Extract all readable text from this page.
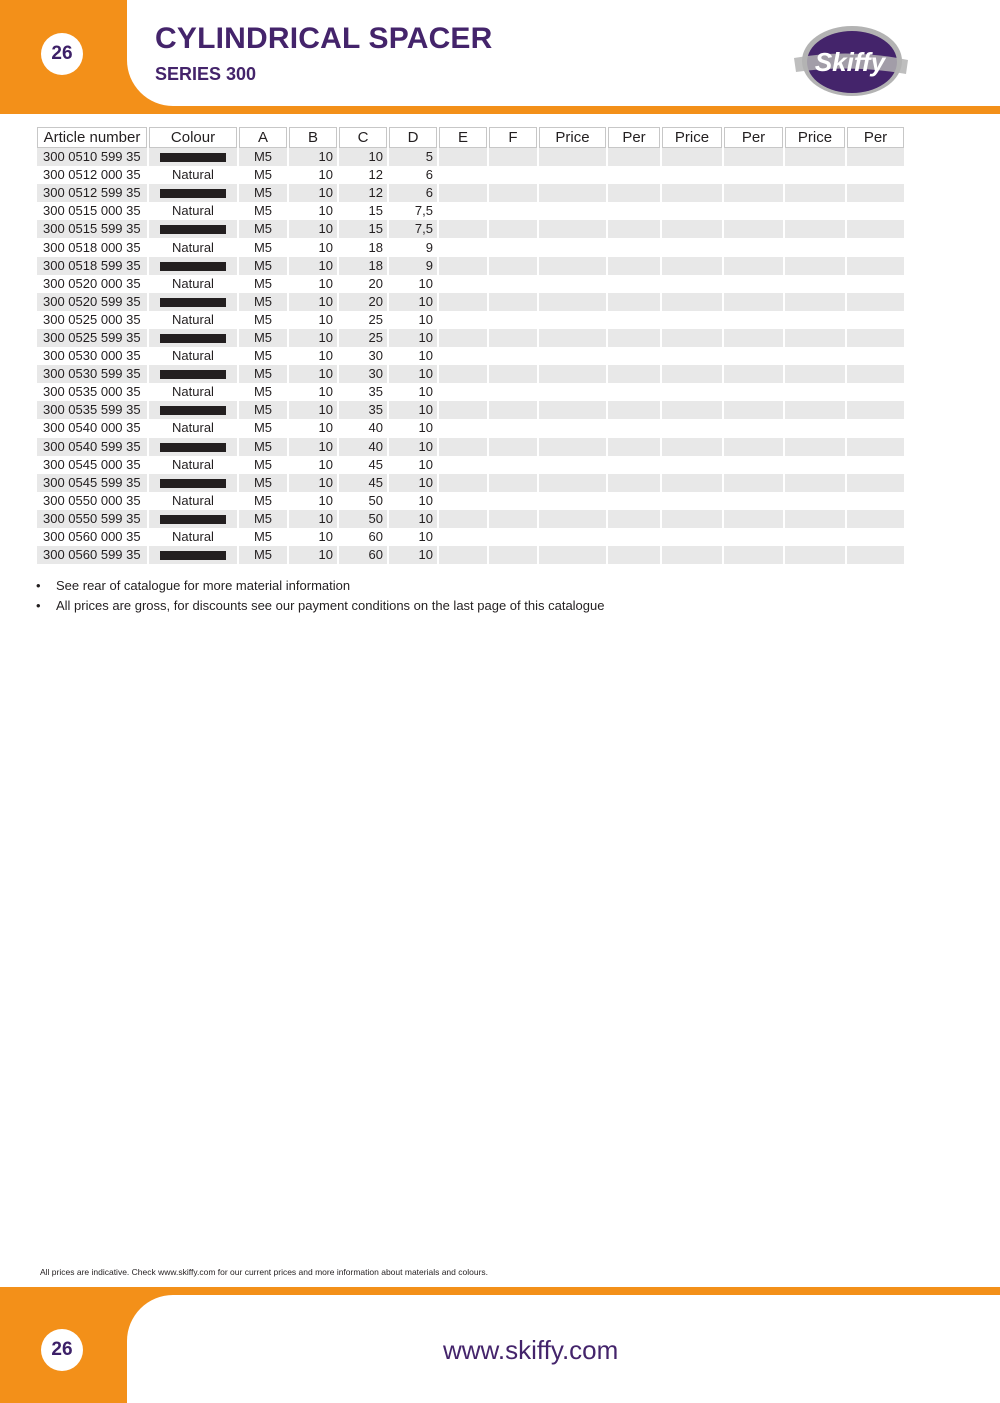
26	CYLINDRICAL SPACER
SERIES 300	Skiffy
Article number	Colour	A	B	C	D	E	F	Price	Per	Price	Per	Price	Per
300 0510 599 35		M5	10	10	5								
300 0512 000 35	Natural	M5	10	12	6								
300 0512 599 35		M5	10	12	6								
300 0515 000 35	Natural	M5	10	15	7,5								
300 0515 599 35		M5	10	15	7,5								
300 0518 000 35	Natural	M5	10	18	9								
300 0518 599 35		M5	10	18	9								
300 0520 000 35	Natural	M5	10	20	10								
300 0520 599 35		M5	10	20	10								
300 0525 000 35	Natural	M5	10	25	10								
300 0525 599 35		M5	10	25	10								
300 0530 000 35	Natural	M5	10	30	10								
300 0530 599 35		M5	10	30	10								
300 0535 000 35	Natural	M5	10	35	10								
300 0535 599 35		M5	10	35	10								
300 0540 000 35	Natural	M5	10	40	10								
300 0540 599 35		M5	10	40	10								
300 0545 000 35	Natural	M5	10	45	10								
300 0545 599 35		M5	10	45	10								
300 0550 000 35	Natural	M5	10	50	10								
300 0550 599 35		M5	10	50	10								
300 0560 000 35	Natural	M5	10	60	10								
300 0560 599 35		M5	10	60	10								
• See rear of catalogue for more material information
• All prices are gross, for discounts see our payment conditions on the last page of this catalogue

All prices are indicative. Check www.skiffy.com for our current prices and more information about materials and colours.

26	www.skiffy.com
